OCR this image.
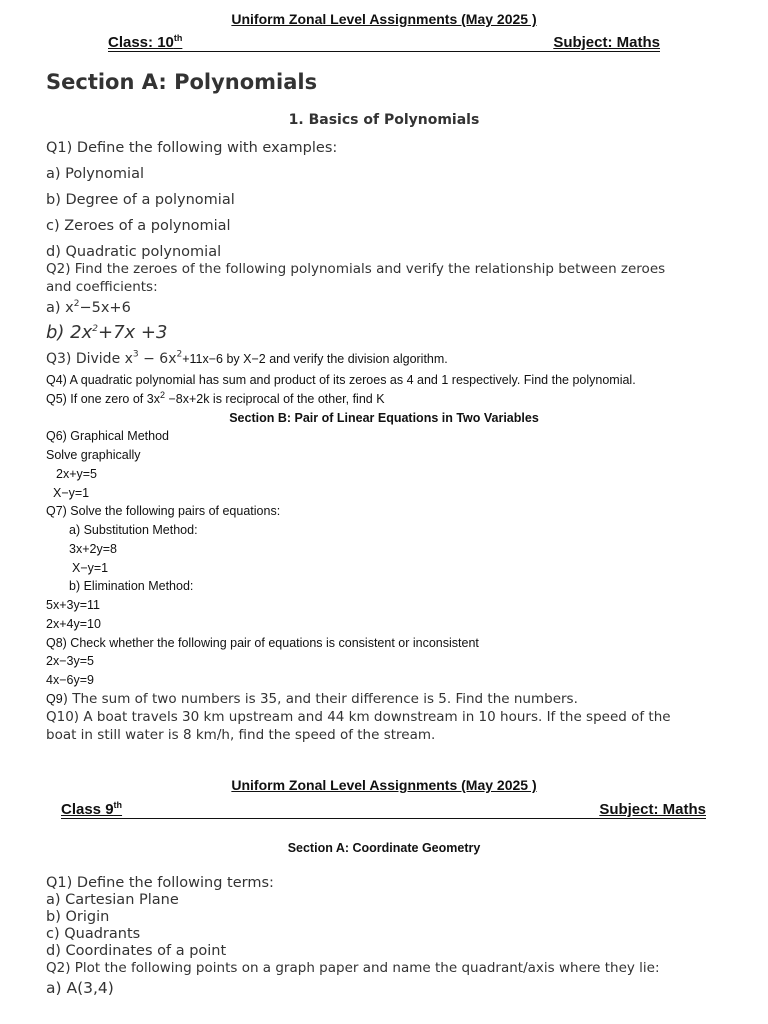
Uniform Zonal Level Assignments (May 2025 )
Class: 10th	Subject: Maths
Section A: Polynomials
1. Basics of Polynomials
Q1) Define the following with examples:
a) Polynomial
b) Degree of a polynomial
c) Zeroes of a polynomial
d) Quadratic polynomial
Q2) Find the zeroes of the following polynomials and verify the relationship between zeroes
and coefficients:
a) $x^2-5x+6$
b) $2x^2+7x +3$
Q3) Divide $x^3 - 6x^2+11x-6$ by X−2 and verify the division algorithm.
Q4) A quadratic polynomial has sum and product of its zeroes as 4 and 1 respectively. Find the polynomial.
Q5) If one zero of $3x^2 -8x+2k$ is reciprocal of the other, find K
Section B: Pair of Linear Equations in Two Variables
Q6) Graphical Method
Solve graphically
2x+y=5
X−y=1
Q7) Solve the following pairs of equations:
a) Substitution Method:
3x+2y=8
X−y=1
b) Elimination Method:
5x+3y=11
2x+4y=10
Q8) Check whether the following pair of equations is consistent or inconsistent
2x−3y=5
4x−6y=9
Q9) The sum of two numbers is 35, and their difference is 5. Find the numbers.
Q10) A boat travels 30 km upstream and 44 km downstream in 10 hours. If the speed of the
boat in still water is 8 km/h, find the speed of the stream.
Uniform Zonal Level Assignments (May 2025 )
Class 9th	Subject: Maths
Section A: Coordinate Geometry
Q1) Define the following terms:
a) Cartesian Plane
b) Origin
c) Quadrants
d) Coordinates of a point
Q2) Plot the following points on a graph paper and name the quadrant/axis where they lie:
a) A(3,4)
